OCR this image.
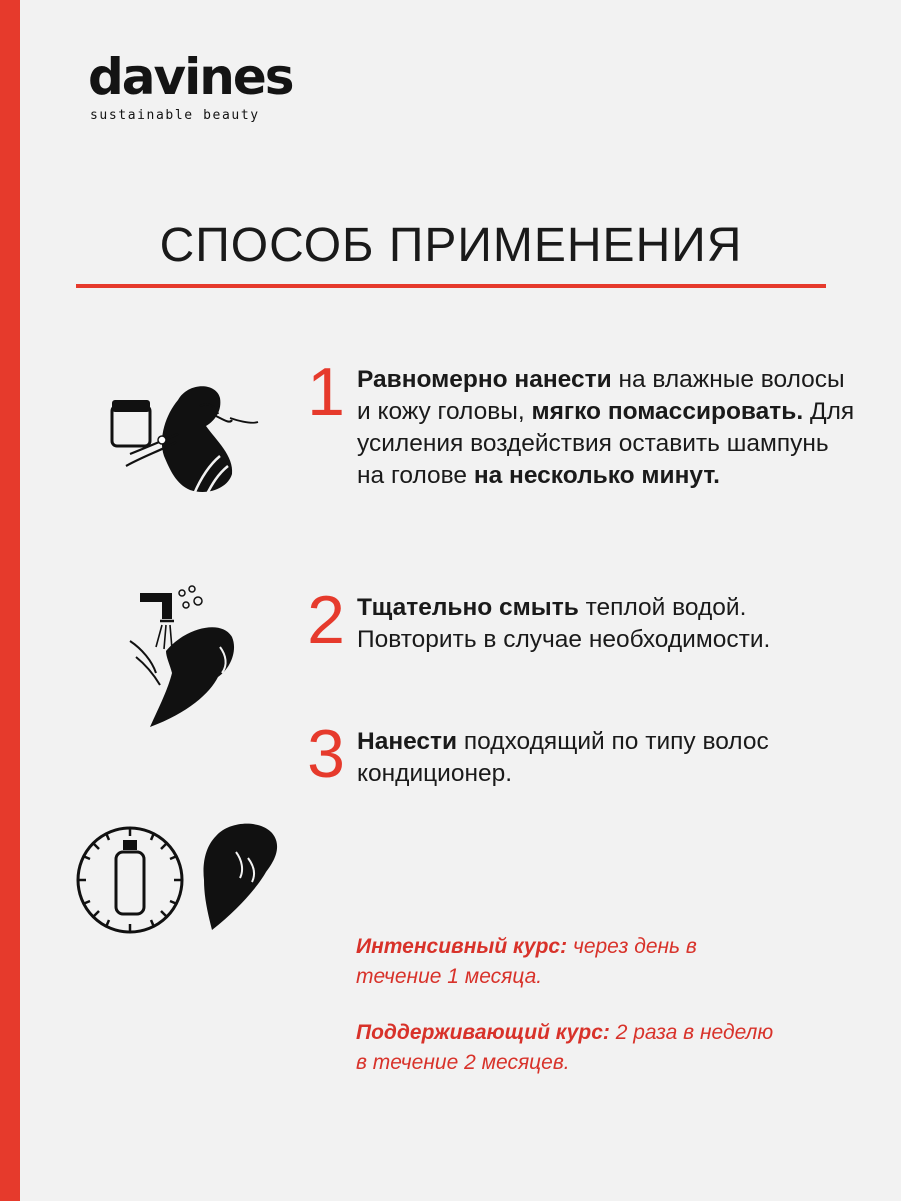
davines
sustainable beauty
СПОСОБ ПРИМЕНЕНИЯ
1 Равномерно нанести на влажные волосы и кожу головы, мягко помассировать. Для усиления воздействия оставить шампунь на голове на несколько минут.
2 Тщательно смыть теплой водой. Повторить в случае необходимости.
3 Нанести подходящий по типу волос кондиционер.
Интенсивный курс: через день в течение 1 месяца.
Поддерживающий курс: 2 раза в неделю в течение 2 месяцев.
